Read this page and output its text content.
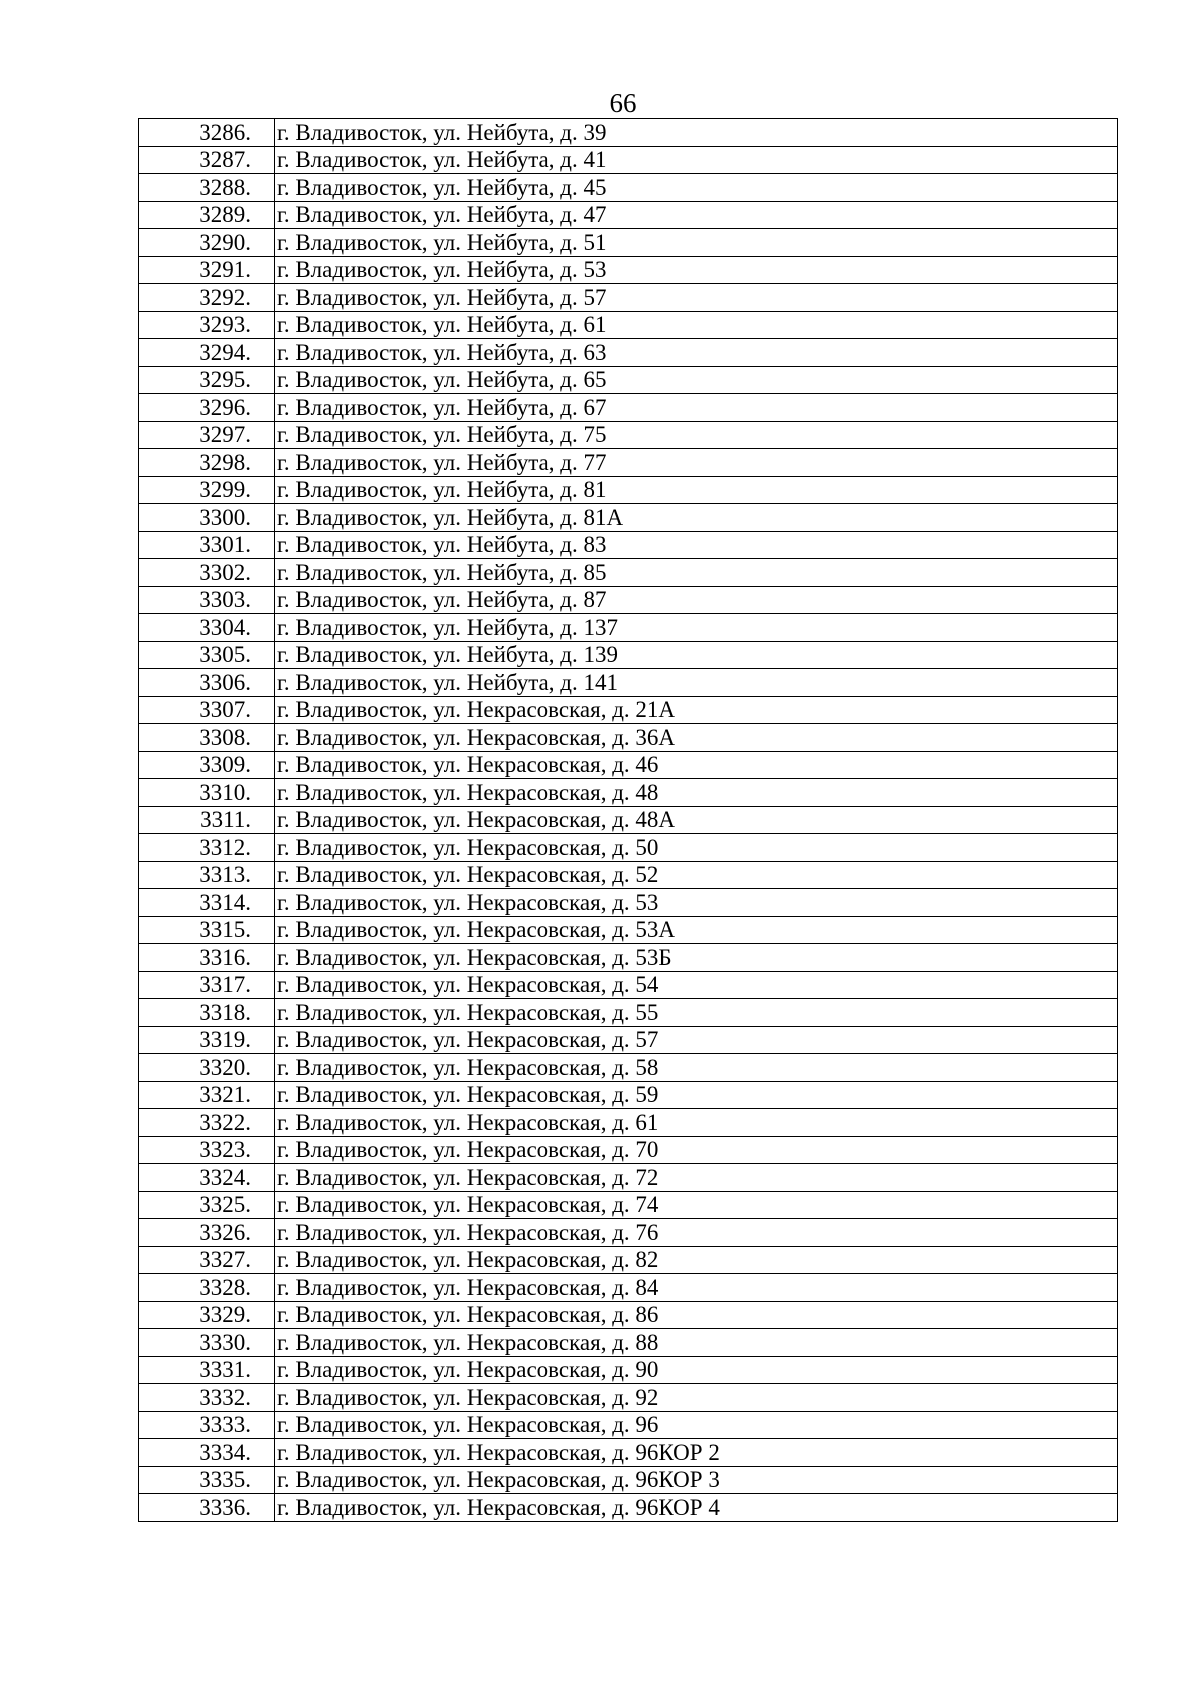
66
3286.	г. Владивосток, ул. Нейбута, д. 39
3287.	г. Владивосток, ул. Нейбута, д. 41
3288.	г. Владивосток, ул. Нейбута, д. 45
3289.	г. Владивосток, ул. Нейбута, д. 47
3290.	г. Владивосток, ул. Нейбута, д. 51
3291.	г. Владивосток, ул. Нейбута, д. 53
3292.	г. Владивосток, ул. Нейбута, д. 57
3293.	г. Владивосток, ул. Нейбута, д. 61
3294.	г. Владивосток, ул. Нейбута, д. 63
3295.	г. Владивосток, ул. Нейбута, д. 65
3296.	г. Владивосток, ул. Нейбута, д. 67
3297.	г. Владивосток, ул. Нейбута, д. 75
3298.	г. Владивосток, ул. Нейбута, д. 77
3299.	г. Владивосток, ул. Нейбута, д. 81
3300.	г. Владивосток, ул. Нейбута, д. 81А
3301.	г. Владивосток, ул. Нейбута, д. 83
3302.	г. Владивосток, ул. Нейбута, д. 85
3303.	г. Владивосток, ул. Нейбута, д. 87
3304.	г. Владивосток, ул. Нейбута, д. 137
3305.	г. Владивосток, ул. Нейбута, д. 139
3306.	г. Владивосток, ул. Нейбута, д. 141
3307.	г. Владивосток, ул. Некрасовская, д. 21А
3308.	г. Владивосток, ул. Некрасовская, д. 36А
3309.	г. Владивосток, ул. Некрасовская, д. 46
3310.	г. Владивосток, ул. Некрасовская, д. 48
3311.	г. Владивосток, ул. Некрасовская, д. 48А
3312.	г. Владивосток, ул. Некрасовская, д. 50
3313.	г. Владивосток, ул. Некрасовская, д. 52
3314.	г. Владивосток, ул. Некрасовская, д. 53
3315.	г. Владивосток, ул. Некрасовская, д. 53А
3316.	г. Владивосток, ул. Некрасовская, д. 53Б
3317.	г. Владивосток, ул. Некрасовская, д. 54
3318.	г. Владивосток, ул. Некрасовская, д. 55
3319.	г. Владивосток, ул. Некрасовская, д. 57
3320.	г. Владивосток, ул. Некрасовская, д. 58
3321.	г. Владивосток, ул. Некрасовская, д. 59
3322.	г. Владивосток, ул. Некрасовская, д. 61
3323.	г. Владивосток, ул. Некрасовская, д. 70
3324.	г. Владивосток, ул. Некрасовская, д. 72
3325.	г. Владивосток, ул. Некрасовская, д. 74
3326.	г. Владивосток, ул. Некрасовская, д. 76
3327.	г. Владивосток, ул. Некрасовская, д. 82
3328.	г. Владивосток, ул. Некрасовская, д. 84
3329.	г. Владивосток, ул. Некрасовская, д. 86
3330.	г. Владивосток, ул. Некрасовская, д. 88
3331.	г. Владивосток, ул. Некрасовская, д. 90
3332.	г. Владивосток, ул. Некрасовская, д. 92
3333.	г. Владивосток, ул. Некрасовская, д. 96
3334.	г. Владивосток, ул. Некрасовская, д. 96КОР 2
3335.	г. Владивосток, ул. Некрасовская, д. 96КОР 3
3336.	г. Владивосток, ул. Некрасовская, д. 96КОР 4
